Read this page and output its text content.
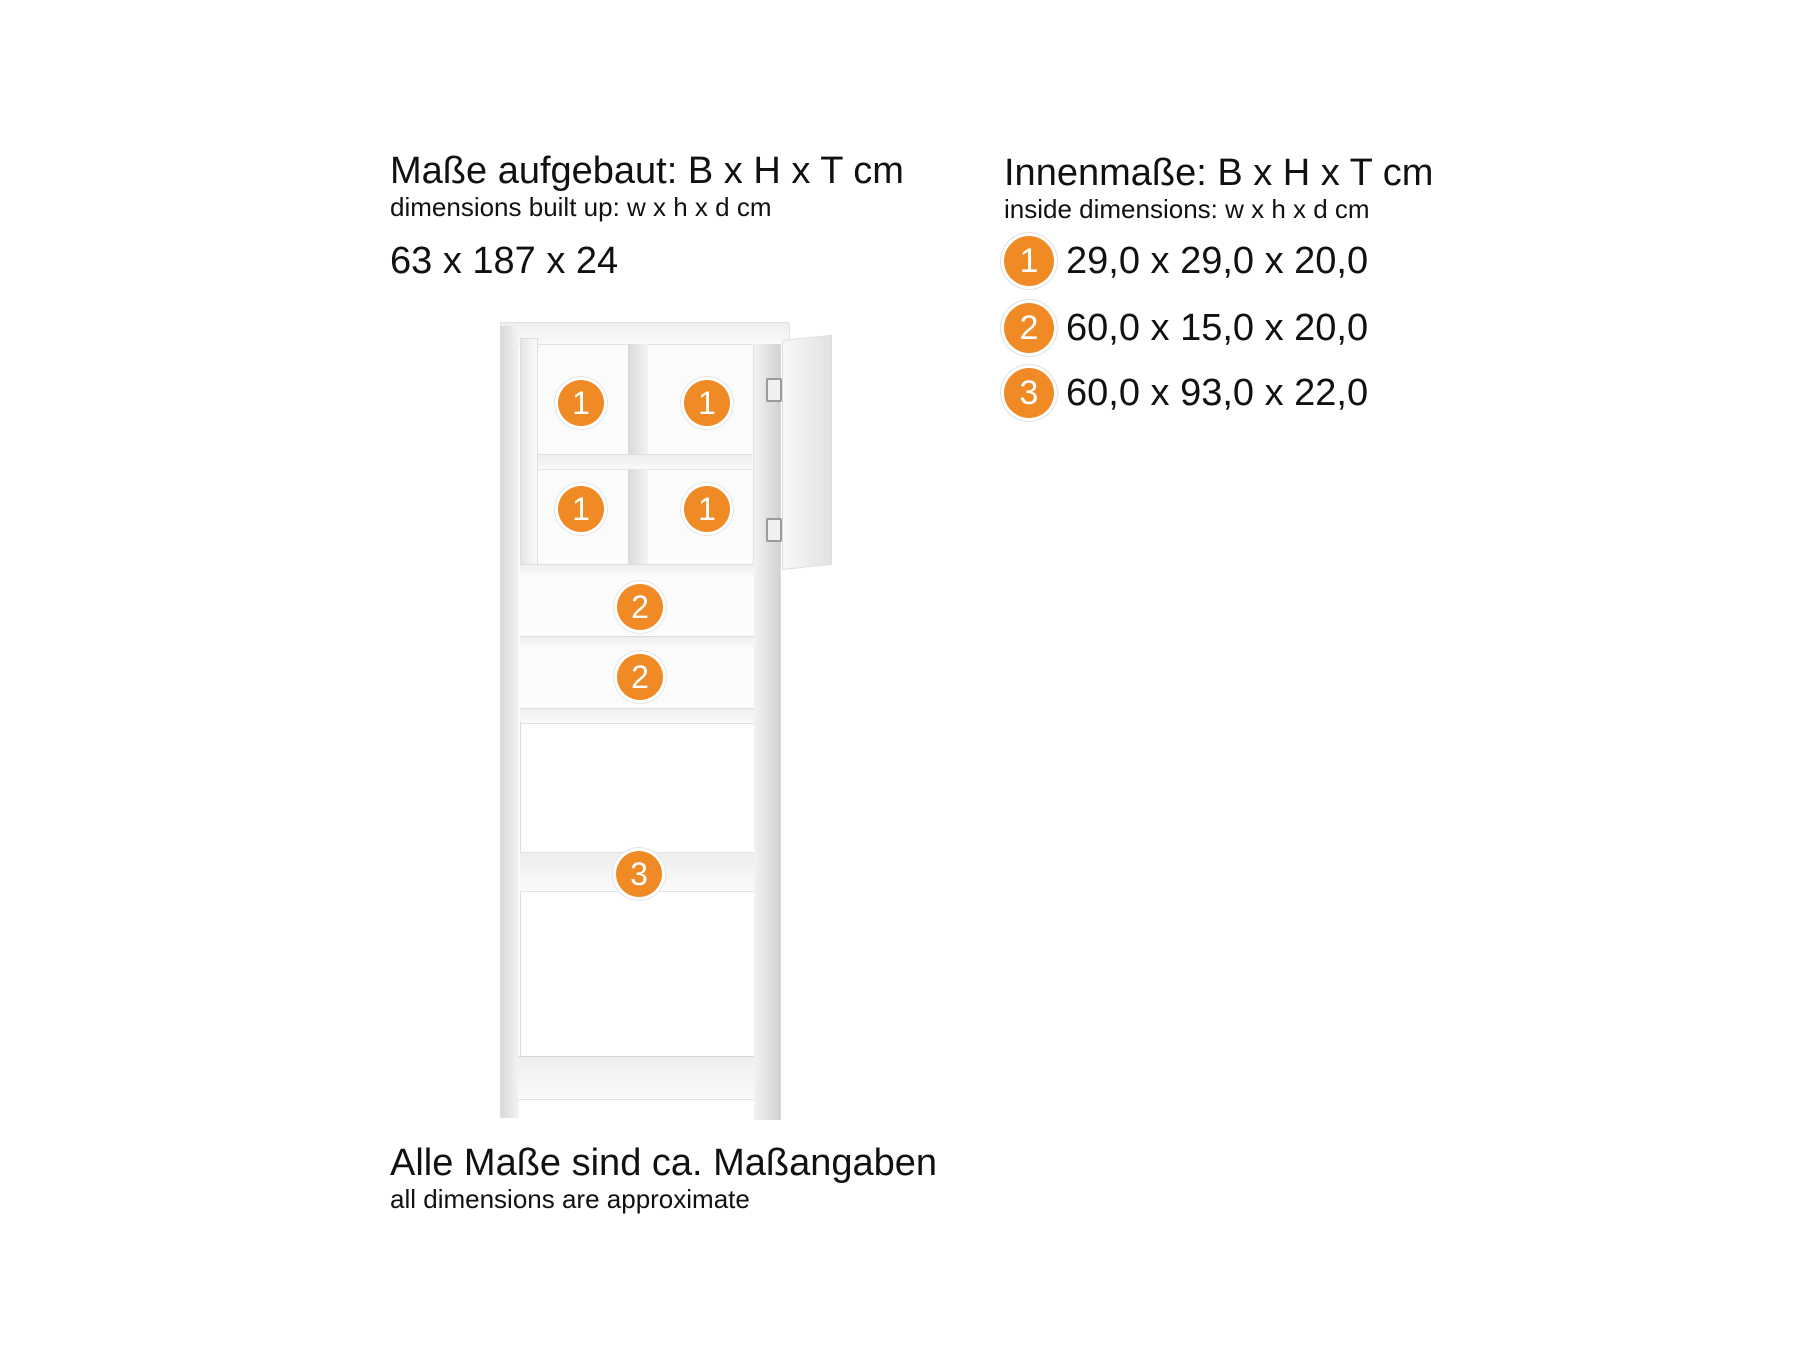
Maße aufgebaut: B x H x T cm
dimensions built up: w x h x d cm
63 x 187 x 24
Innenmaße: B x H x T cm
inside dimensions: w x h x d cm
1 29,0 x 29,0 x 20,0
2 60,0 x 15,0 x 20,0
3 60,0 x 93,0 x 22,0
1	1
1	1
2
2
3
Alle Maße sind ca. Maßangaben
all dimensions are approximate
